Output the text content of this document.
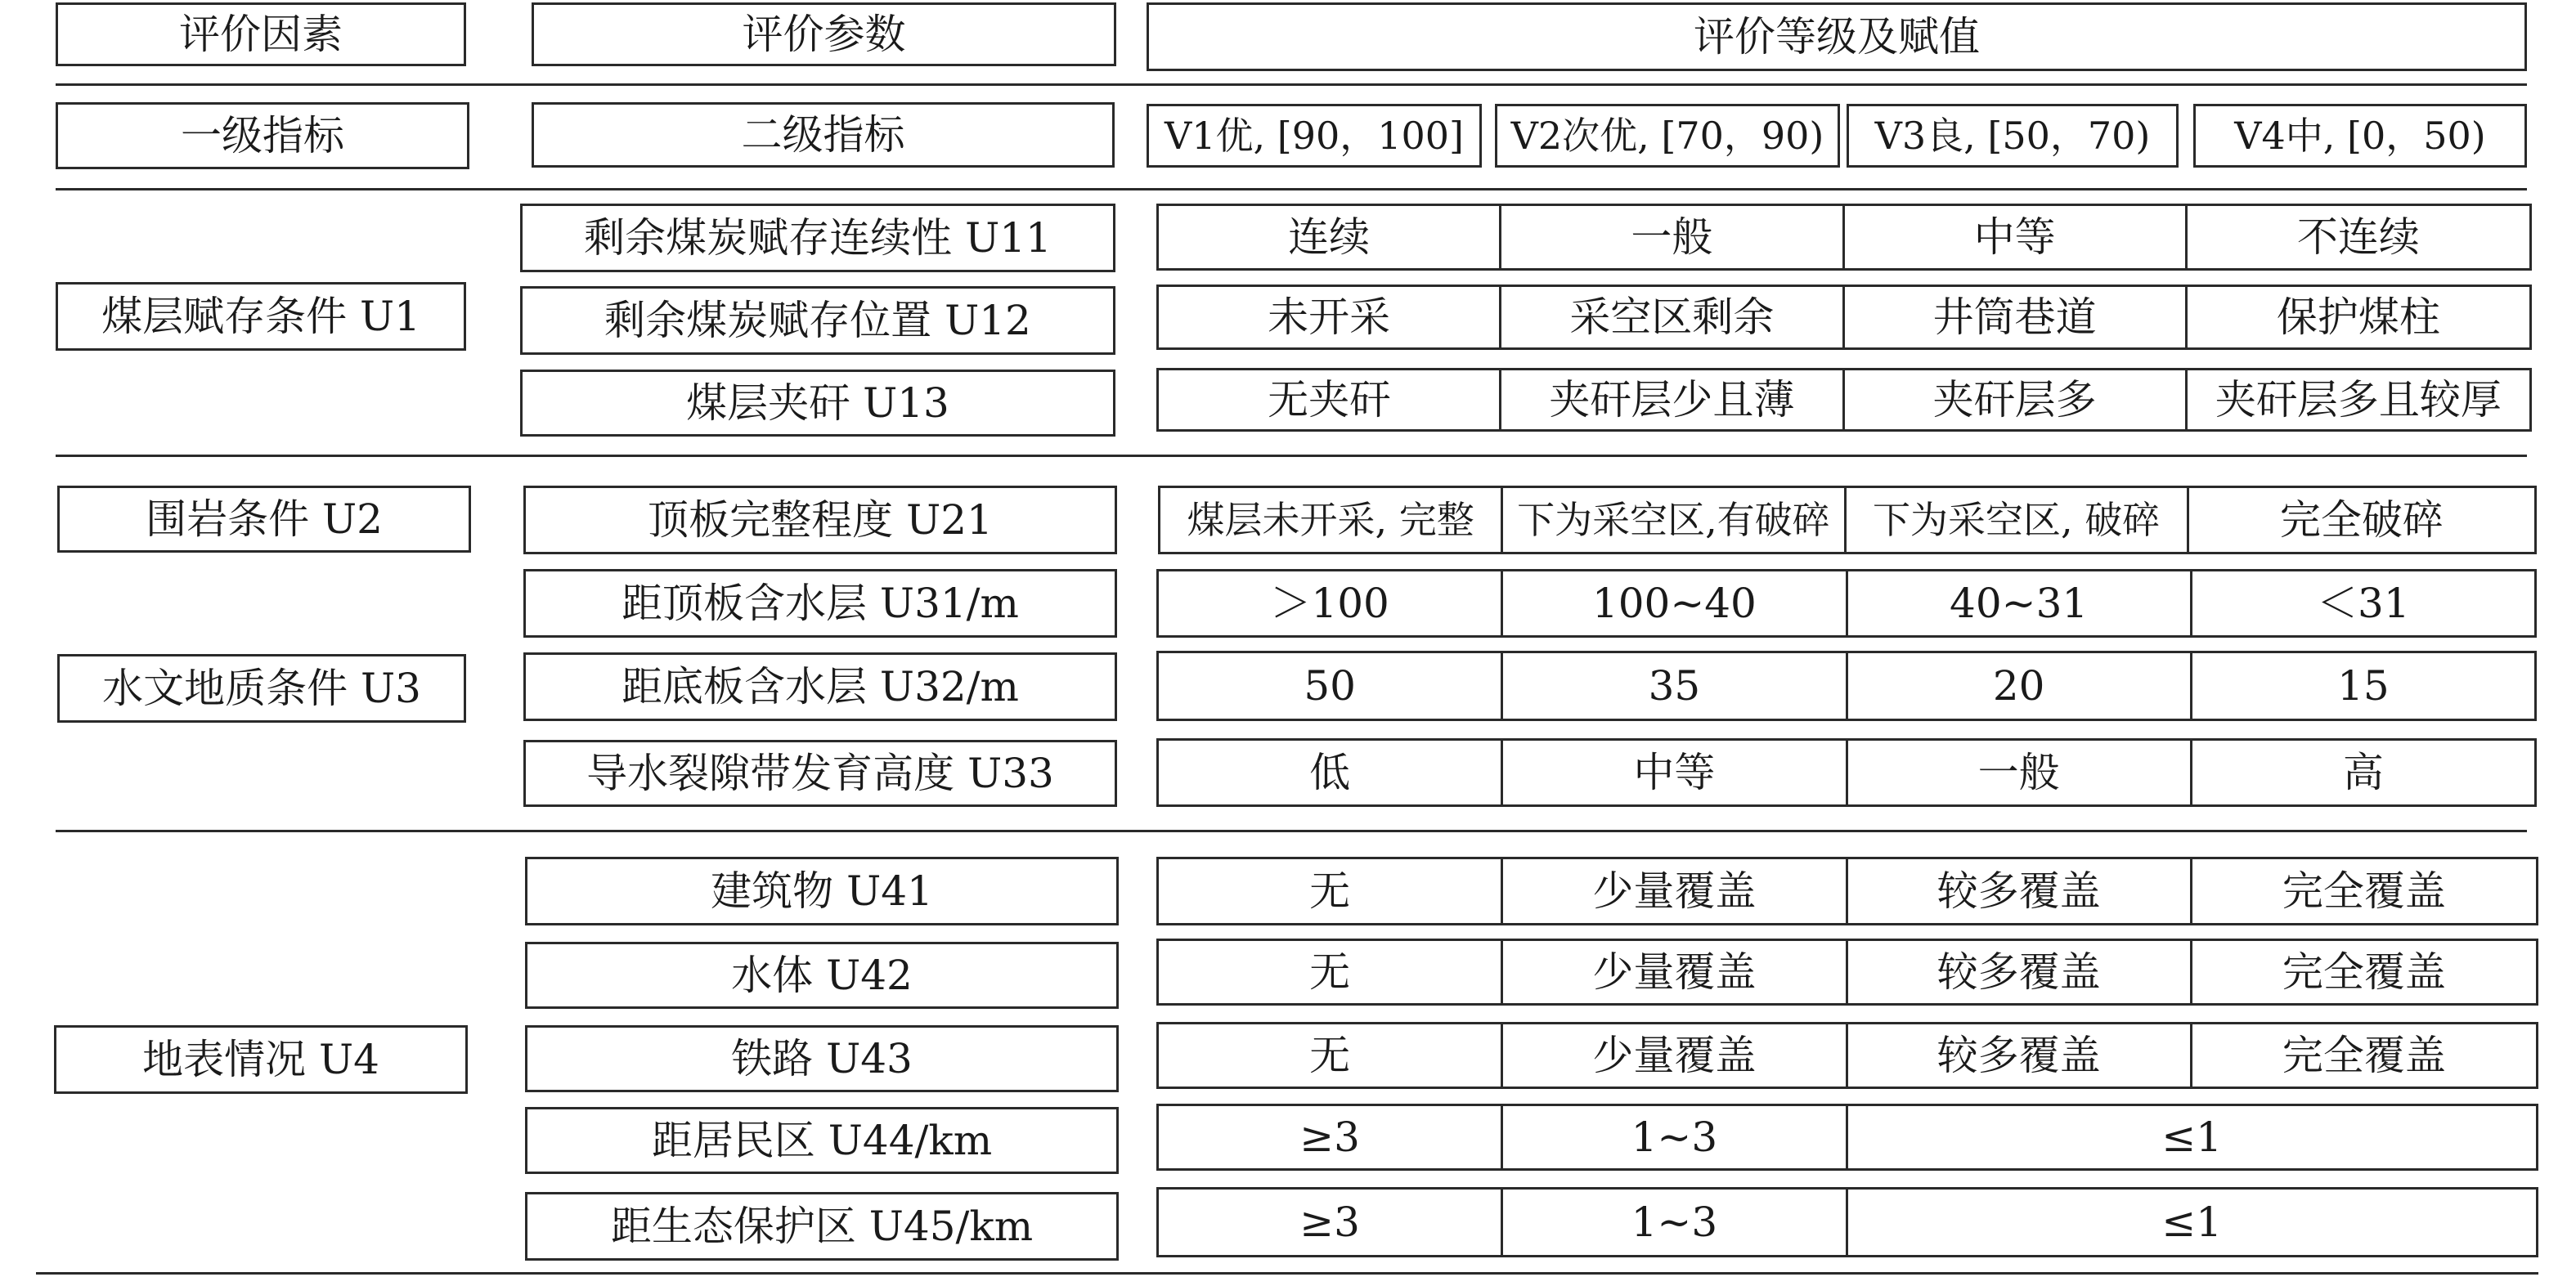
评价因素	评价参数	评价等级及赋值
一级指标	二级指标	V1优, [90，100]	V2次优, [70，90)	V3良, [50，70)	V4中, [0，50)
煤层赋存条件 U1
剩余煤炭赋存连续性 U11	连续	一般	中等	不连续
剩余煤炭赋存位置 U12	未开采	采空区剩余	井筒巷道	保护煤柱
煤层夹矸 U13	无夹矸	夹矸层少且薄	夹矸层多	夹矸层多且较厚
围岩条件 U2	顶板完整程度 U21	煤层未开采, 完整	下为采空区,有破碎	下为采空区, 破碎	完全破碎
水文地质条件 U3
距顶板含水层 U31/m	＞100	100~40	40~31	＜31
距底板含水层 U32/m	50	35	20	15
导水裂隙带发育高度 U33	低	中等	一般	高
地表情况 U4
建筑物 U41	无	少量覆盖	较多覆盖	完全覆盖
水体 U42	无	少量覆盖	较多覆盖	完全覆盖
铁路 U43	无	少量覆盖	较多覆盖	完全覆盖
距居民区 U44/km	≥3	1~3	≤1
距生态保护区 U45/km	≥3	1~3	≤1
